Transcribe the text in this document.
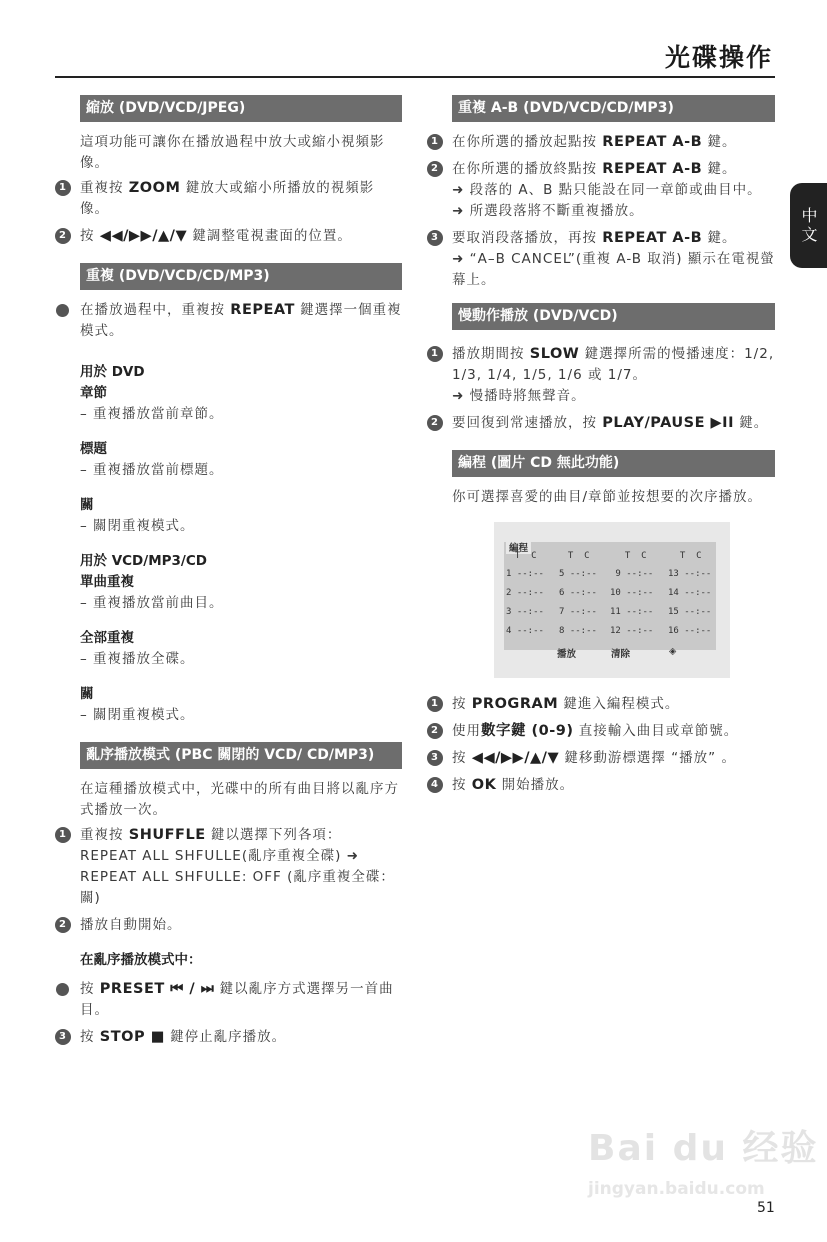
光碟操作
中文
縮放 (DVD/VCD/JPEG)
這項功能可讓你在播放過程中放大或縮小視頻影像。
1 重複按 ZOOM 鍵放大或縮小所播放的視頻影像。
2 按 ◀◀/▶▶/▲/▼ 鍵調整電視畫面的位置。
重複 (DVD/VCD/CD/MP3)
在播放過程中，重複按 REPEAT 鍵選擇一個重複模式。
用於 DVD
章節
– 重複播放當前章節。
標題
– 重複播放當前標題。
關
– 關閉重複模式。
用於 VCD/MP3/CD
單曲重複
– 重複播放當前曲目。
全部重複
– 重複播放全碟。
關
– 關閉重複模式。
亂序播放模式 (PBC 關閉的 VCD/ CD/MP3)
在這種播放模式中，光碟中的所有曲目將以亂序方式播放一次。
1 重複按 SHUFFLE 鍵以選擇下列各項：
REPEAT ALL SHFULLE(亂序重複全碟) ➜
REPEAT ALL SHFULLE: OFF (亂序重複全碟：關)
2 播放自動開始。
在亂序播放模式中：
按 PRESET ⏮ / ⏭ 鍵以亂序方式選擇另一首曲目。
3 按 STOP ■ 鍵停止亂序播放。
重複 A-B (DVD/VCD/CD/MP3)
1 在你所選的播放起點按 REPEAT A-B 鍵。
2 在你所選的播放終點按 REPEAT A-B 鍵。
➜ 段落的 A、B 點只能設在同一章節或曲目中。
➜ 所選段落將不斷重複播放。
3 要取消段落播放，再按 REPEAT A-B 鍵。
➜ “A–B CANCEL”(重複 A-B 取消) 顯示在電視螢幕上。
慢動作播放 (DVD/VCD)
1 播放期間按 SLOW 鍵選擇所需的慢播速度：1/2, 1/3, 1/4, 1/5, 1/6 或 1/7。
➜ 慢播時將無聲音。
2 要回復到常速播放，按 PLAY/PAUSE ▶II 鍵。
編程 (圖片 CD 無此功能)
你可選擇喜愛的曲目/章節並按想要的次序播放。
編程
T  C	T  C	T  C	T  C
1 --:--	5 --:--	9 --:--	13 --:--
2 --:--	6 --:--	10 --:--	14 --:--
3 --:--	7 --:--	11 --:--	15 --:--
4 --:--	8 --:--	12 --:--	16 --:--
播放	清除	◈
1 按 PROGRAM 鍵進入編程模式。
2 使用數字鍵 (0-9) 直接輸入曲目或章節號。
3 按 ◀◀/▶▶/▲/▼ 鍵移動游標選擇 “播放” 。
4 按 OK 開始播放。
Bai du 经验
jingyan.baidu.com
51
